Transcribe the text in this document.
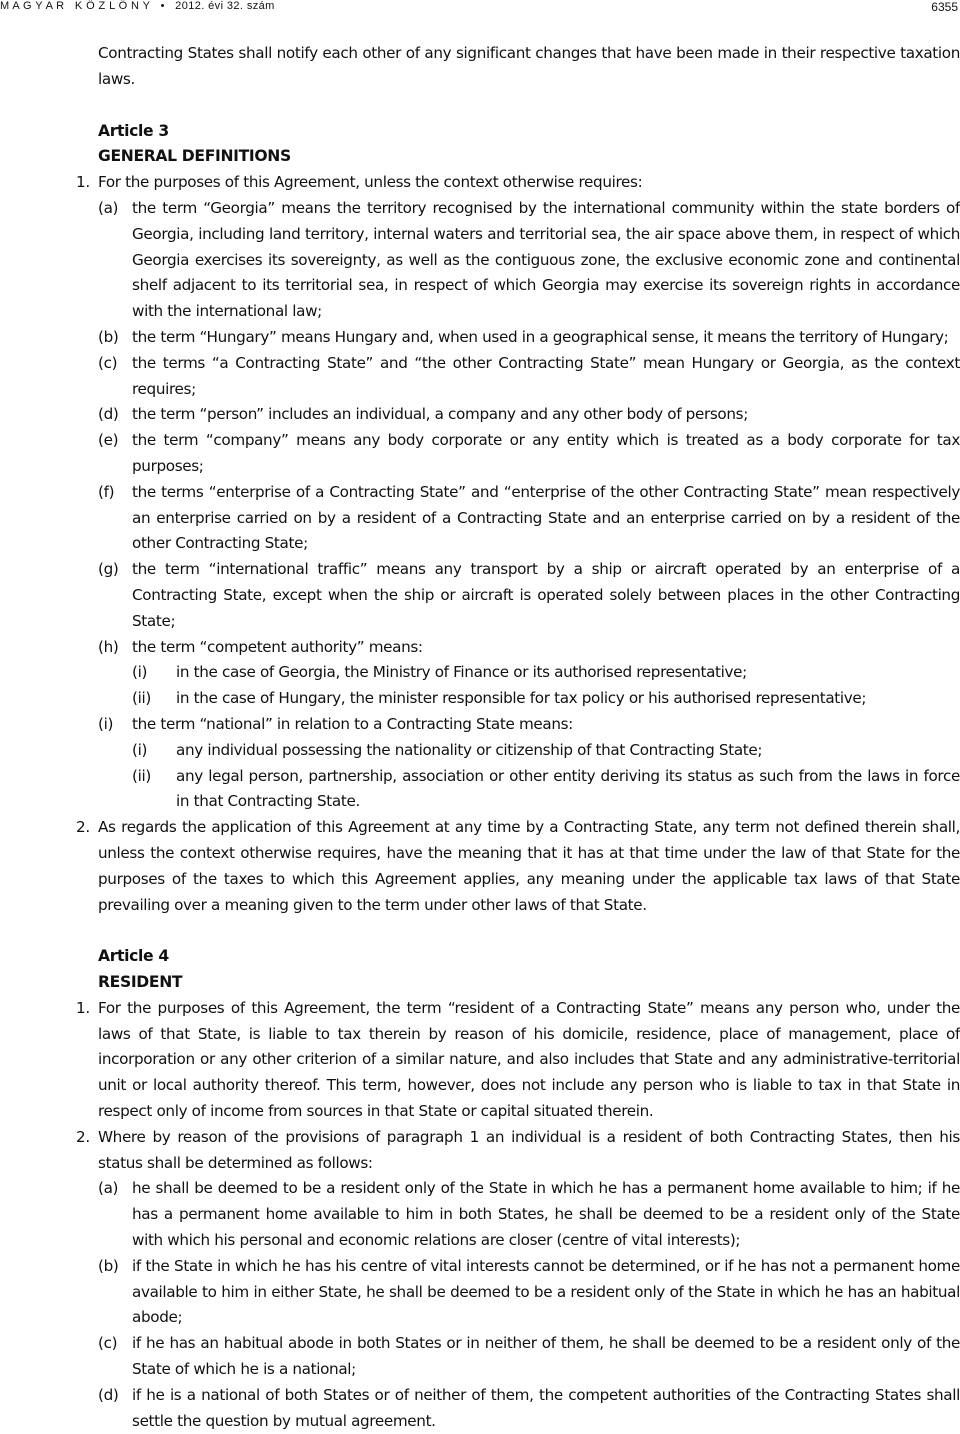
M A G Y A R   K Ö Z L Ö N Y   •   2012. évi 32. szám	6355

Contracting States shall notify each other of any significant changes that have been made in their respective taxation laws.

Article 3
GENERAL DEFINITIONS
1. For the purposes of this Agreement, unless the context otherwise requires:
(a) the term “Georgia” means the territory recognised by the international community within the state borders of Georgia, including land territory, internal waters and territorial sea, the air space above them, in respect of which Georgia exercises its sovereignty, as well as the contiguous zone, the exclusive economic zone and continental shelf adjacent to its territorial sea, in respect of which Georgia may exercise its sovereign rights in accordance with the international law;
(b) the term “Hungary” means Hungary and, when used in a geographical sense, it means the territory of Hungary;
(c) the terms “a Contracting State” and “the other Contracting State” mean Hungary or Georgia, as the context requires;
(d) the term “person” includes an individual, a company and any other body of persons;
(e) the term “company” means any body corporate or any entity which is treated as a body corporate for tax purposes;
(f) the terms “enterprise of a Contracting State” and “enterprise of the other Contracting State” mean respectively an enterprise carried on by a resident of a Contracting State and an enterprise carried on by a resident of the other Contracting State;
(g) the term “international traffic” means any transport by a ship or aircraft operated by an enterprise of a Contracting State, except when the ship or aircraft is operated solely between places in the other Contracting State;
(h) the term “competent authority” means:
(i) in the case of Georgia, the Ministry of Finance or its authorised representative;
(ii) in the case of Hungary, the minister responsible for tax policy or his authorised representative;
(i) the term “national” in relation to a Contracting State means:
(i) any individual possessing the nationality or citizenship of that Contracting State;
(ii) any legal person, partnership, association or other entity deriving its status as such from the laws in force in that Contracting State.
2. As regards the application of this Agreement at any time by a Contracting State, any term not defined therein shall, unless the context otherwise requires, have the meaning that it has at that time under the law of that State for the purposes of the taxes to which this Agreement applies, any meaning under the applicable tax laws of that State prevailing over a meaning given to the term under other laws of that State.
Article 4
RESIDENT
1. For the purposes of this Agreement, the term “resident of a Contracting State” means any person who, under the laws of that State, is liable to tax therein by reason of his domicile, residence, place of management, place of incorporation or any other criterion of a similar nature, and also includes that State and any administrative-territorial unit or local authority thereof. This term, however, does not include any person who is liable to tax in that State in respect only of income from sources in that State or capital situated therein.
2. Where by reason of the provisions of paragraph 1 an individual is a resident of both Contracting States, then his status shall be determined as follows:
(a) he shall be deemed to be a resident only of the State in which he has a permanent home available to him; if he has a permanent home available to him in both States, he shall be deemed to be a resident only of the State with which his personal and economic relations are closer (centre of vital interests);
(b) if the State in which he has his centre of vital interests cannot be determined, or if he has not a permanent home available to him in either State, he shall be deemed to be a resident only of the State in which he has an habitual abode;
(c) if he has an habitual abode in both States or in neither of them, he shall be deemed to be a resident only of the State of which he is a national;
(d) if he is a national of both States or of neither of them, the competent authorities of the Contracting States shall settle the question by mutual agreement.
